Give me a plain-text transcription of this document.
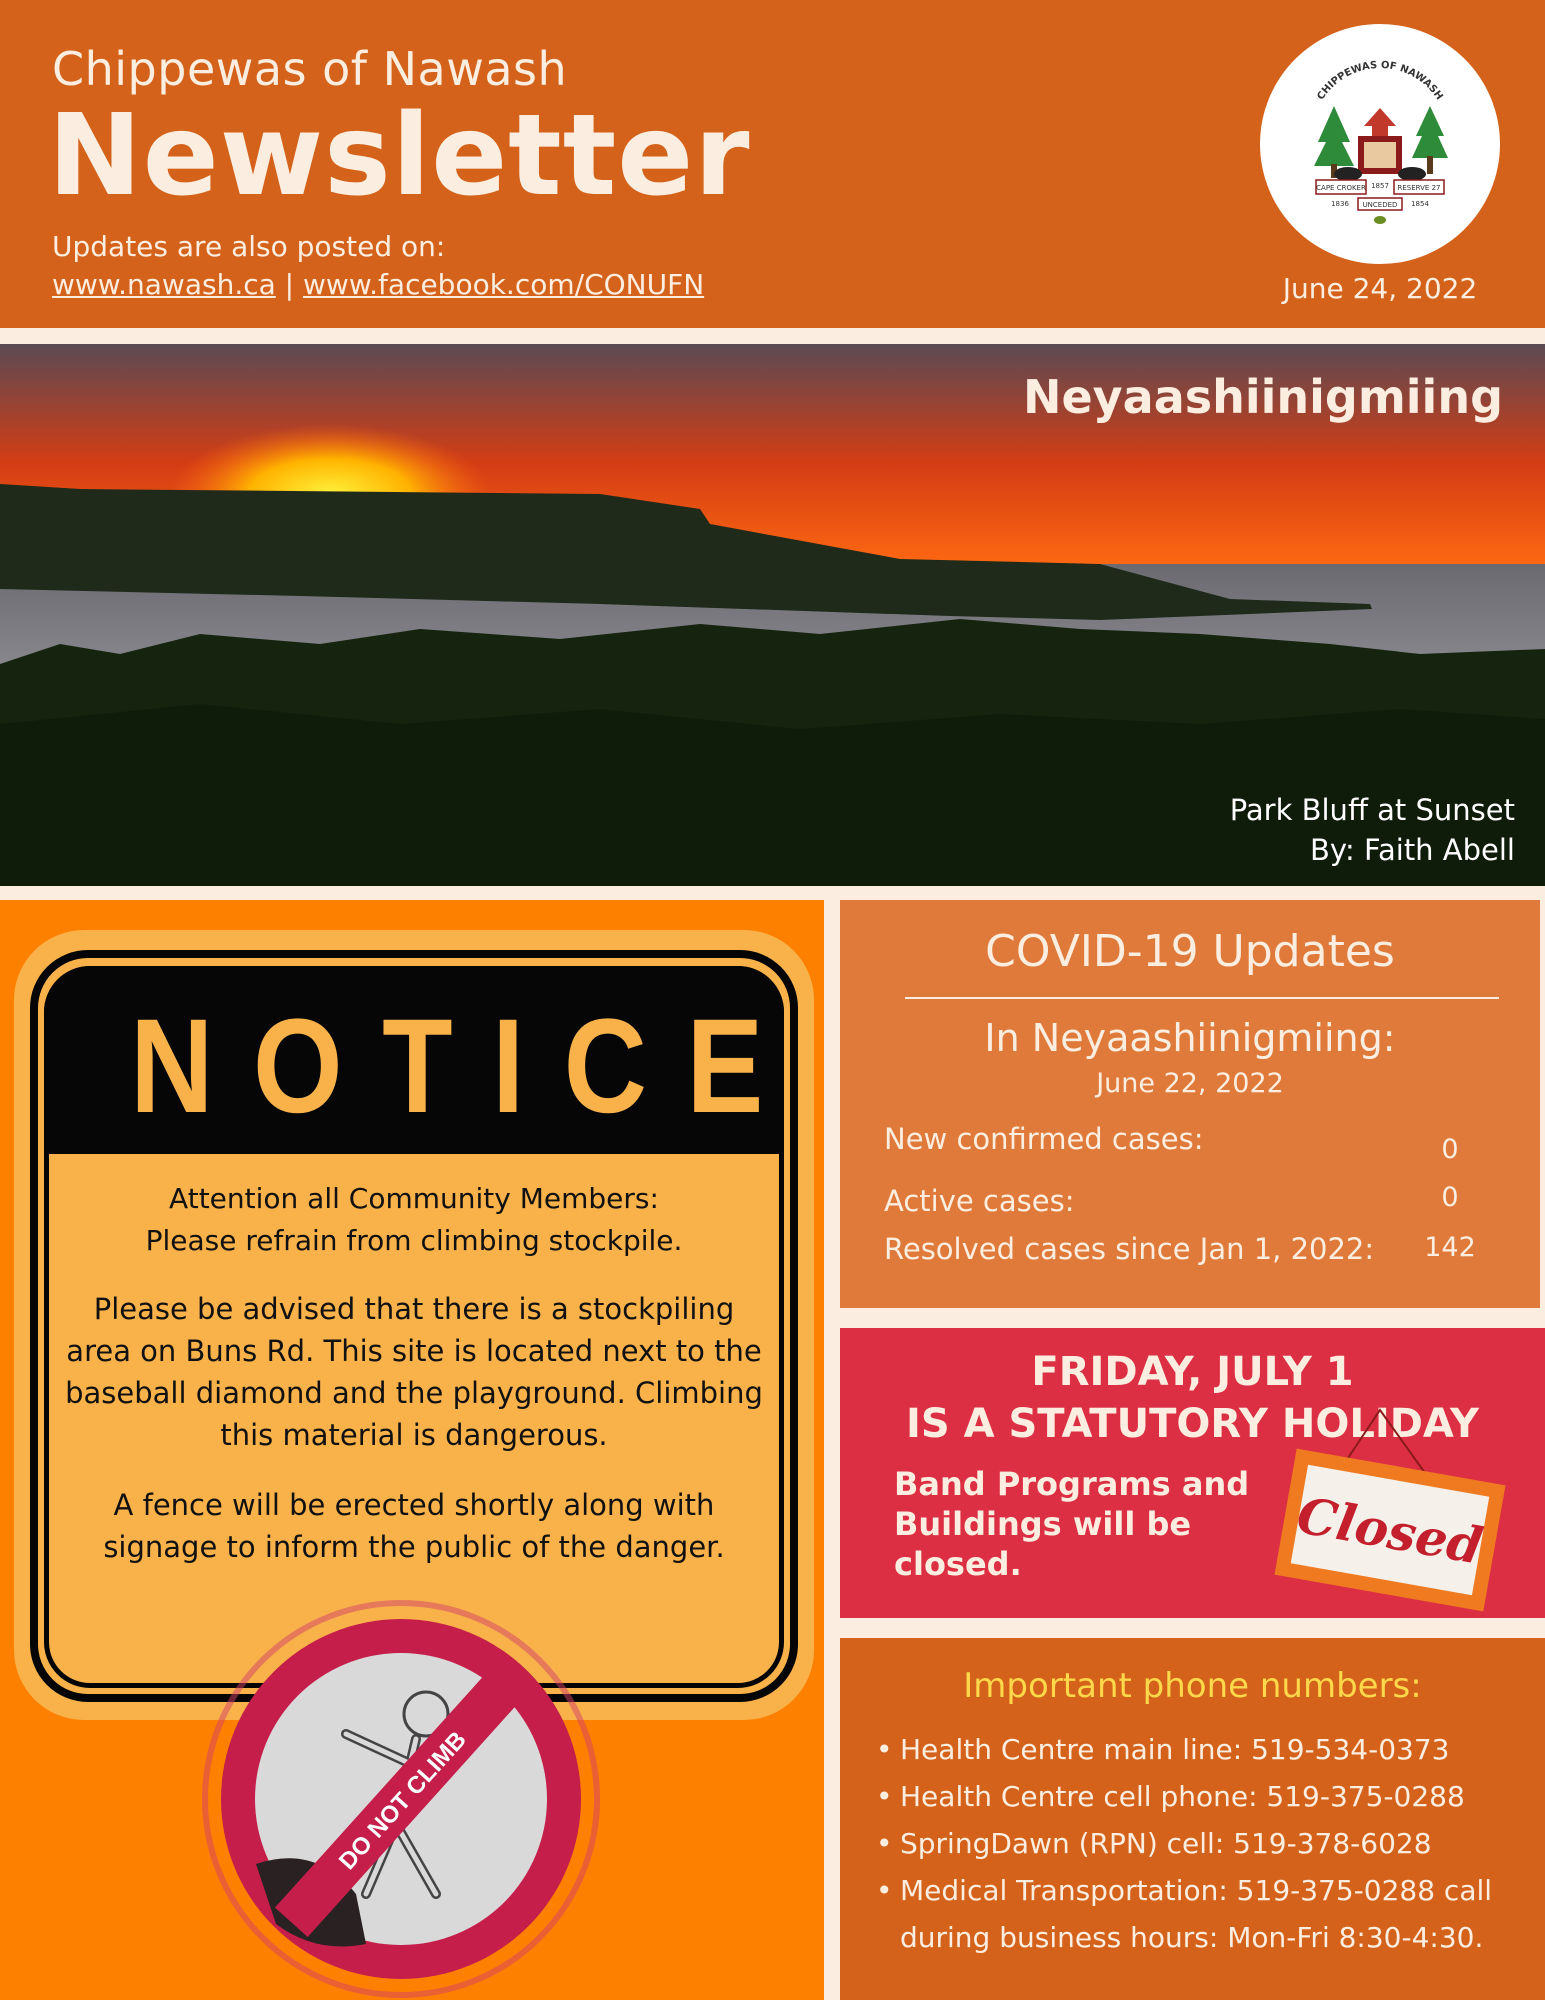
Chippewas of Nawash
Newsletter
Updates are also posted on:
www.nawash.ca | www.facebook.com/CONUFN
CHIPPEWAS OF NAWASH
CAPE CROKER	RESERVE 27
1836
1857
1854
UNCEDED
June 24, 2022
Neyaashiinigmiing
Park Bluff at Sunset
By: Faith Abell
NOTICE
Attention all Community Members:
Please refrain from climbing stockpile.
Please be advised that there is a stockpiling area on Buns Rd. This site is located next to the baseball diamond and the playground. Climbing this material is dangerous.
A fence will be erected shortly along with signage to inform the public of the danger.
DO NOT CLIMB
COVID-19 Updates
In Neyaashiinigmiing:
June 22, 2022
New confirmed cases:	0
Active cases:	0
Resolved cases since Jan 1, 2022:	142
FRIDAY, JULY 1
IS A STATUTORY HOLIDAY
Band Programs and
Buildings will be
closed.	Closed
Important phone numbers:
• Health Centre main line: 519-534-0373
• Health Centre cell phone: 519-375-0288
• SpringDawn (RPN) cell: 519-378-6028
• Medical Transportation: 519-375-0288 call during business hours: Mon-Fri 8:30-4:30.
